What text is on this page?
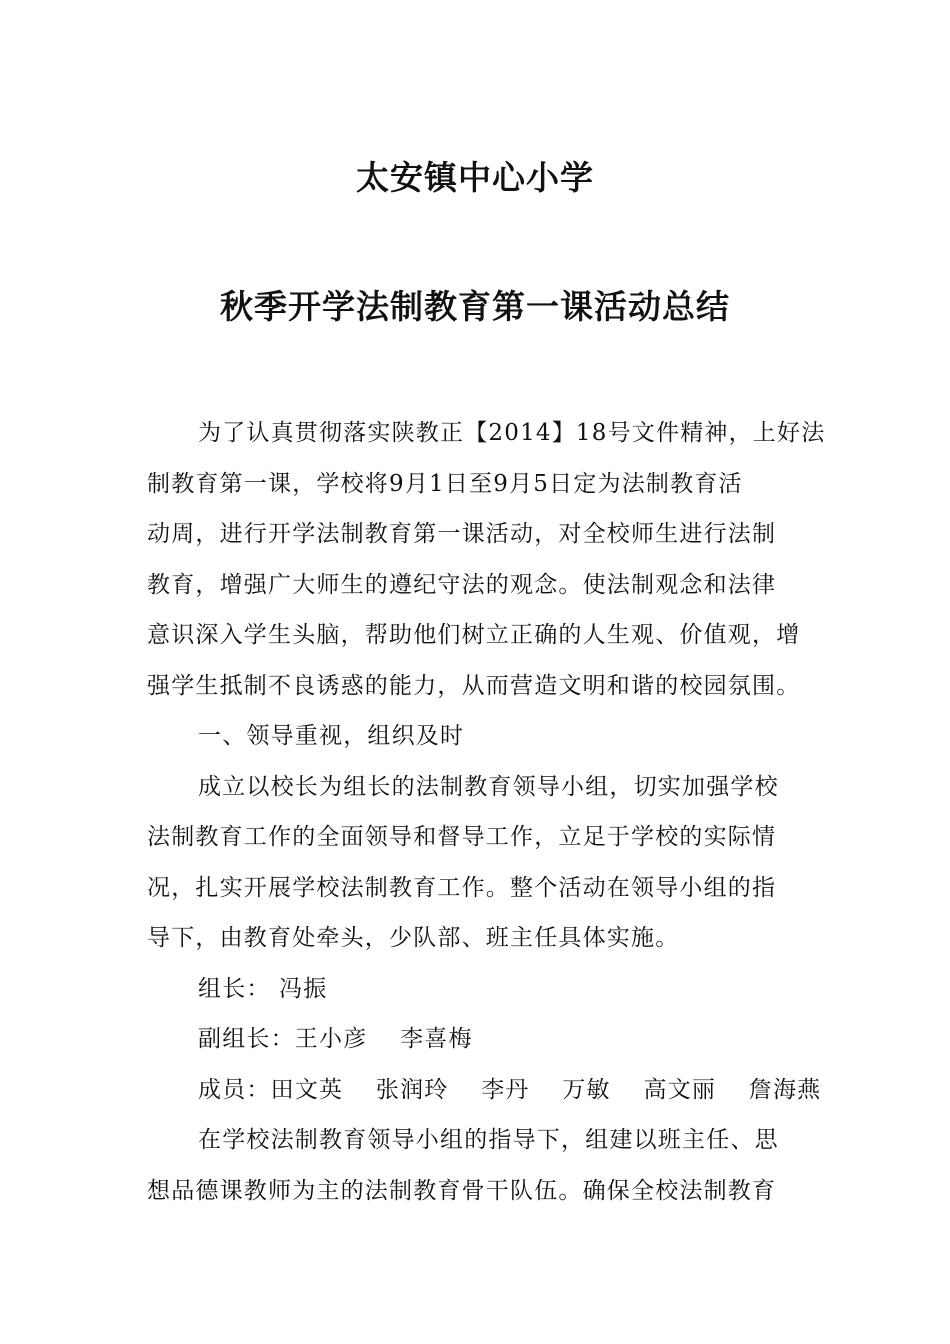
太安镇中心小学
秋季开学法制教育第一课活动总结
为了认真贯彻落实陕教正【2014】18号文件精神，上好法
制教育第一课，学校将9月1日至9月5日定为法制教育活
动周，进行开学法制教育第一课活动，对全校师生进行法制
教育，增强广大师生的遵纪守法的观念。使法制观念和法律
意识深入学生头脑，帮助他们树立正确的人生观、价值观，增
强学生抵制不良诱惑的能力，从而营造文明和谐的校园氛围。
一、领导重视，组织及时
成立以校长为组长的法制教育领导小组，切实加强学校
法制教育工作的全面领导和督导工作，立足于学校的实际情
况，扎实开展学校法制教育工作。整个活动在领导小组的指
导下，由教育处牵头，少队部、班主任具体实施。
组长： 冯振
副组长：王小彦　 李喜梅
成员：田文英　 张润玲　 李丹　 万敏　 高文丽　 詹海燕
在学校法制教育领导小组的指导下，组建以班主任、思
想品德课教师为主的法制教育骨干队伍。确保全校法制教育
